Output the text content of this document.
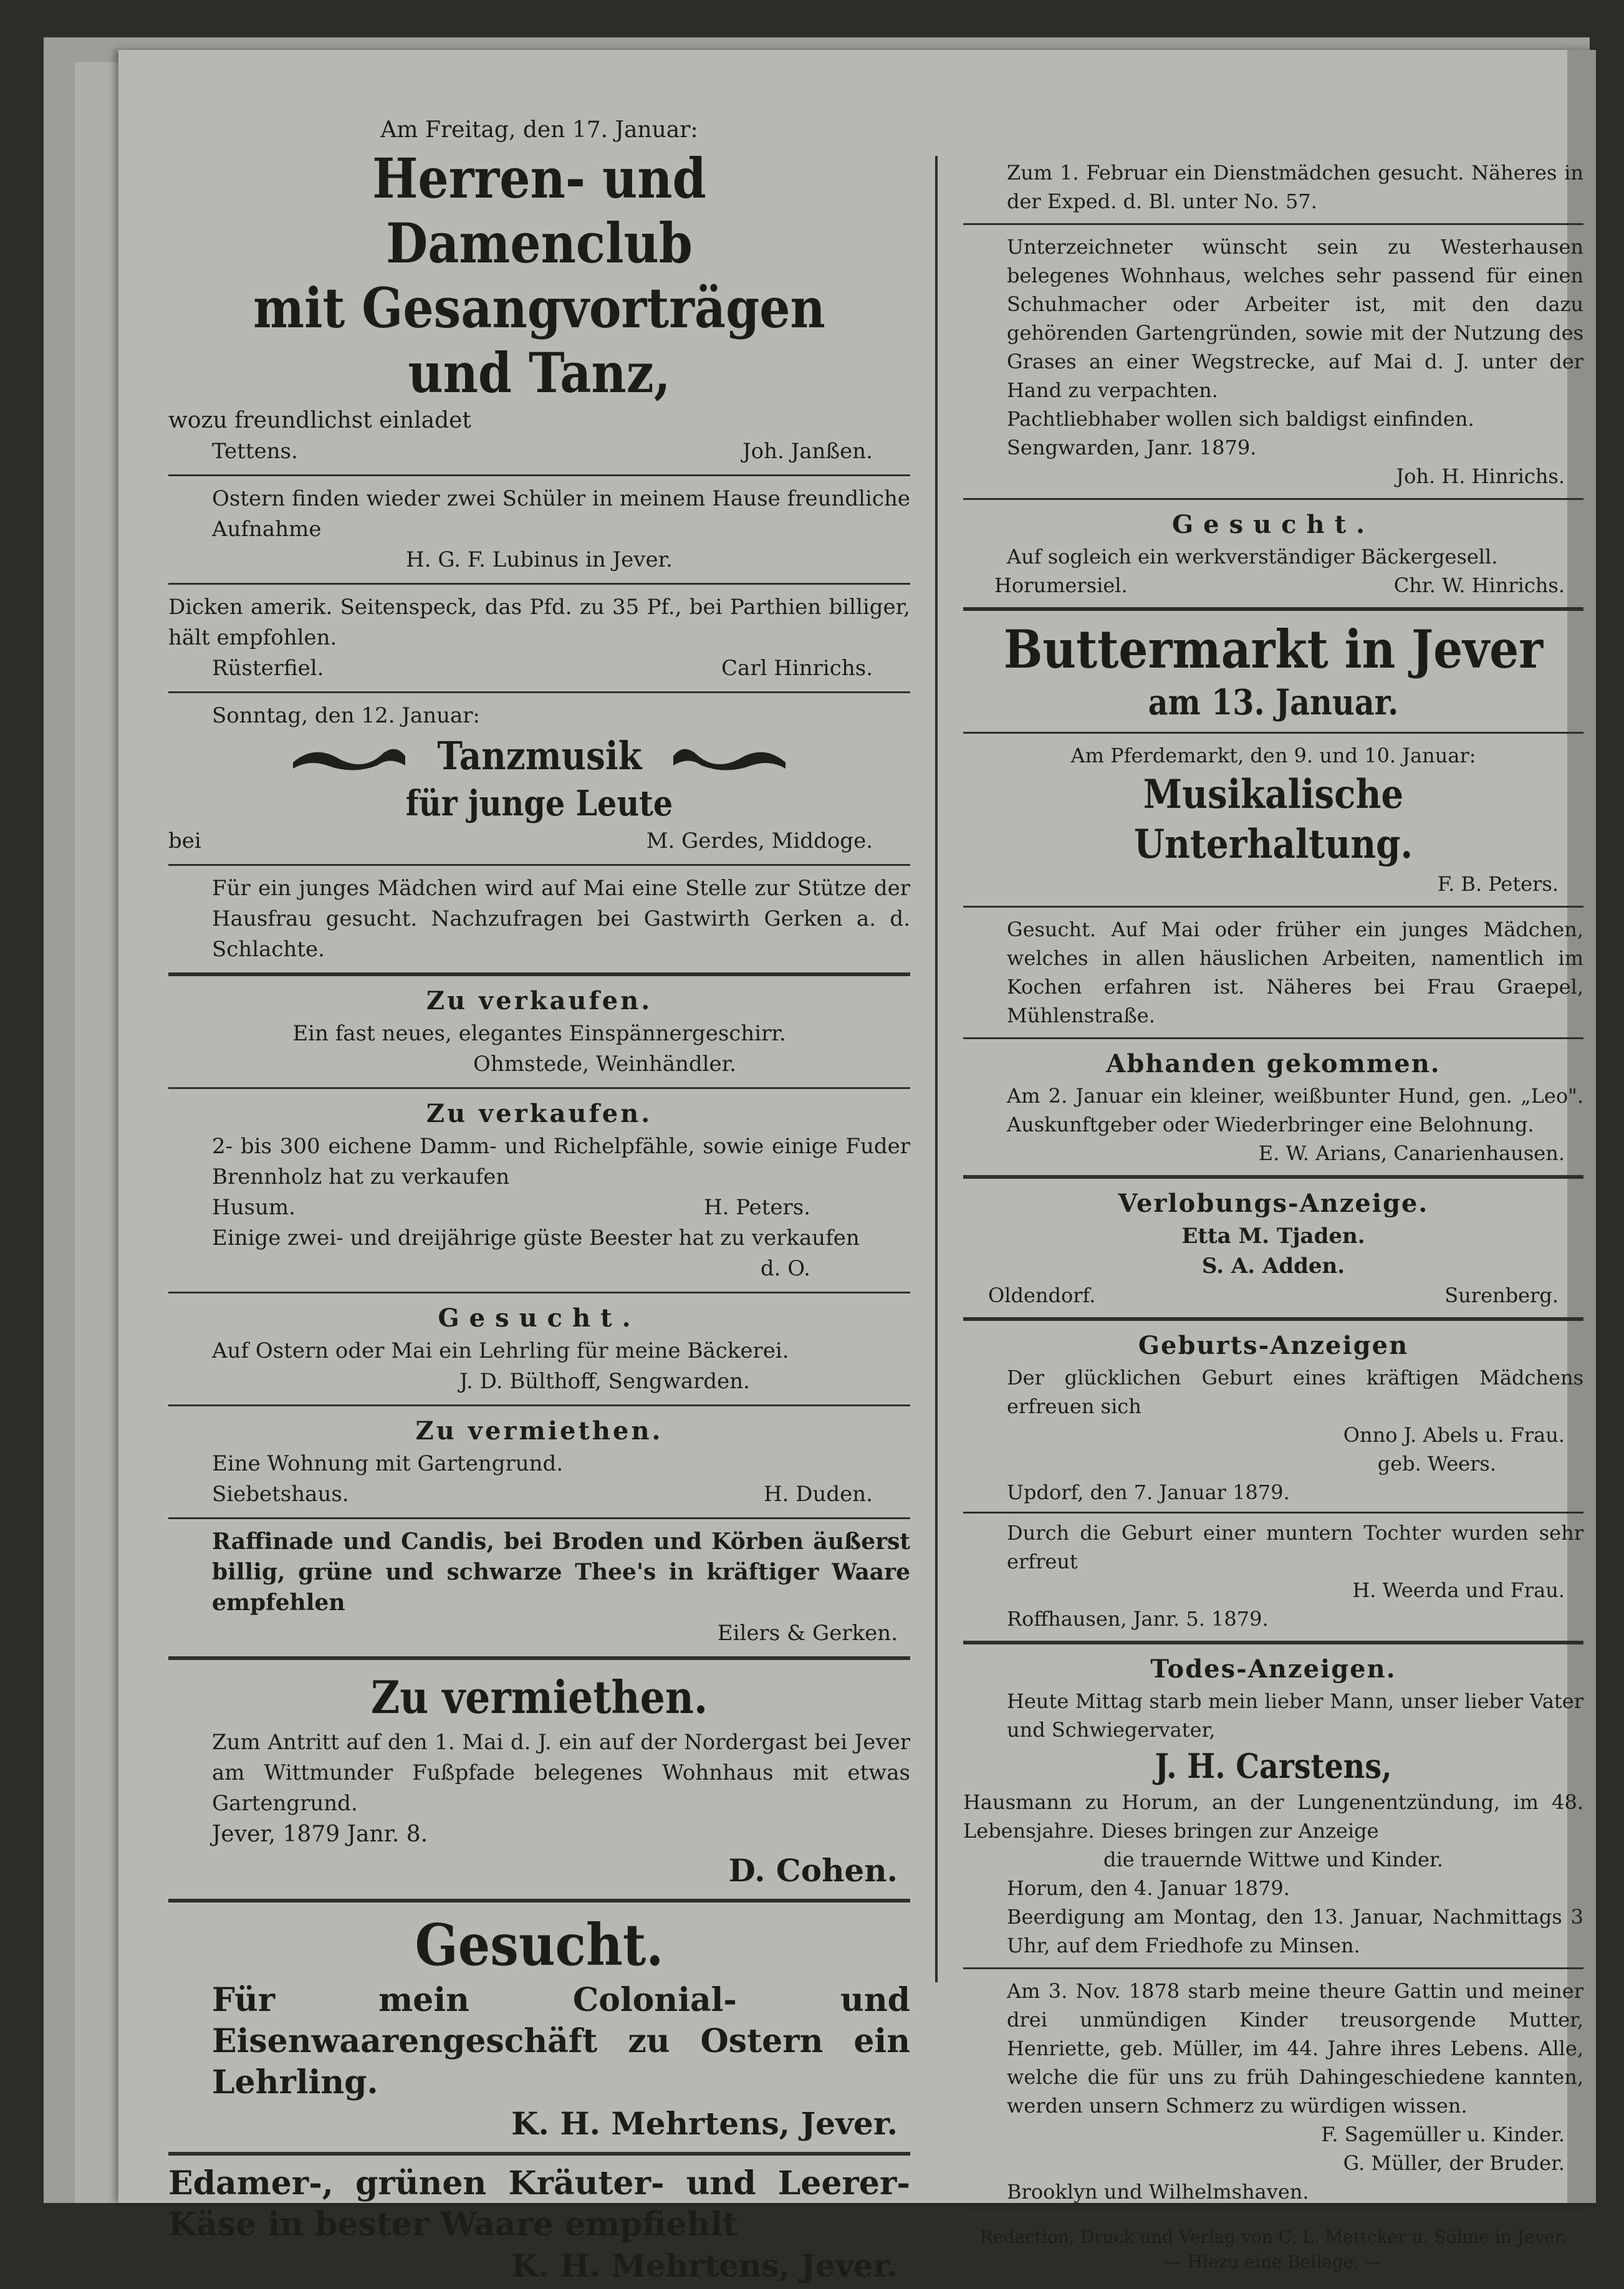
Am Freitag, den 17. Januar:
Herren- und Damenclub
mit Gesangvorträgen
und Tanz,
wozu freundlichst einladet
Tettens.	Joh. Janßen.

Ostern finden wieder zwei Schüler in meinem Hause freundliche Aufnahme

H. G. F. Lubinus in Jever.

Dicken amerik. Seitenspeck, das Pfd. zu 35 Pf., bei Parthien billiger, hält empfohlen.

Rüsterfiel.	Carl Hinrichs.
Sonntag, den 12. Januar:
Tanzmusik
für junge Leute
bei	M. Gerdes, Middoge.

Für ein junges Mädchen wird auf Mai eine Stelle zur Stütze der Hausfrau gesucht. Nachzufragen bei Gastwirth Gerken a. d. Schlachte.

Zu verkaufen.

Ein fast neues, elegantes Einspännergeschirr.

Ohmstede, Weinhändler.
Zu verkaufen.

2- bis 300 eichene Damm- und Richelpfähle, sowie einige Fuder Brennholz hat zu verkaufen

Husum.	H. Peters.

Einige zwei- und dreijährige güste Beester hat zu verkaufen

d. O.
Gesucht.

Auf Ostern oder Mai ein Lehrling für meine Bäckerei.

J. D. Bülthoff, Sengwarden.
Zu vermiethen.

Eine Wohnung mit Gartengrund.

Siebetshaus.	H. Duden.

Raffinade und Candis, bei Broden und Körben äußerst billig, grüne und schwarze Thee's in kräftiger Waare empfehlen

Eilers & Gerken.
Zu vermiethen.

Zum Antritt auf den 1. Mai d. J. ein auf der Nordergast bei Jever am Wittmunder Fußpfade belegenes Wohnhaus mit etwas Gartengrund.

Jever, 1879 Janr. 8.
D. Cohen.
Gesucht.

Für mein Colonial- und Eisenwaarengeschäft zu Ostern ein Lehrling.

K. H. Mehrtens, Jever.

Edamer-, grünen Kräuter- und Leerer-Käse in bester Waare empfiehlt

K. H. Mehrtens, Jever.

Zum 1. Februar ein Dienstmädchen gesucht. Näheres in der Exped. d. Bl. unter No. 57.

Unterzeichneter wünscht sein zu Westerhausen belegenes Wohnhaus, welches sehr passend für einen Schuhmacher oder Arbeiter ist, mit den dazu gehörenden Gartengründen, sowie mit der Nutzung des Grases an einer Wegstrecke, auf Mai d. J. unter der Hand zu verpachten.

Pachtliebhaber wollen sich baldigst einfinden.

Sengwarden, Janr. 1879.
Joh. H. Hinrichs.
Gesucht.

Auf sogleich ein werkverständiger Bäckergesell.

Horumersiel.	Chr. W. Hinrichs.
Buttermarkt in Jever
am 13. Januar.
Am Pferdemarkt, den 9. und 10. Januar:
Musikalische Unterhaltung.
F. B. Peters.

Gesucht. Auf Mai oder früher ein junges Mädchen, welches in allen häuslichen Arbeiten, namentlich im Kochen erfahren ist. Näheres bei Frau Graepel, Mühlenstraße.

Abhanden gekommen.

Am 2. Januar ein kleiner, weißbunter Hund, gen. „Leo". Auskunftgeber oder Wiederbringer eine Belohnung.

E. W. Arians, Canarienhausen.
Verlobungs-Anzeige.
Etta M. Tjaden.
S. A. Adden.
Oldendorf.	Surenberg.
Geburts-Anzeigen

Der glücklichen Geburt eines kräftigen Mädchens erfreuen sich

Onno J. Abels u. Frau.
geb. Weers.
Updorf, den 7. Januar 1879.

Durch die Geburt einer muntern Tochter wurden sehr erfreut

H. Weerda und Frau.
Roffhausen, Janr. 5. 1879.
Todes-Anzeigen.

Heute Mittag starb mein lieber Mann, unser lieber Vater und Schwiegervater,

J. H. Carstens,

Hausmann zu Horum, an der Lungenentzündung, im 48. Lebensjahre. Dieses bringen zur Anzeige

die trauernde Wittwe und Kinder.
Horum, den 4. Januar 1879.

Beerdigung am Montag, den 13. Januar, Nachmittags 3 Uhr, auf dem Friedhofe zu Minsen.

Am 3. Nov. 1878 starb meine theure Gattin und meiner drei unmündigen Kinder treusorgende Mutter, Henriette, geb. Müller, im 44. Jahre ihres Lebens. Alle, welche die für uns zu früh Dahingeschiedene kannten, werden unsern Schmerz zu würdigen wissen.

F. Sagemüller u. Kinder.
G. Müller, der Bruder.
Brooklyn und Wilhelmshaven.
Redaction, Druck und Verlag von C. L. Mettcker u. Söhne in Jever.
— Hiezu eine Beilage. —
